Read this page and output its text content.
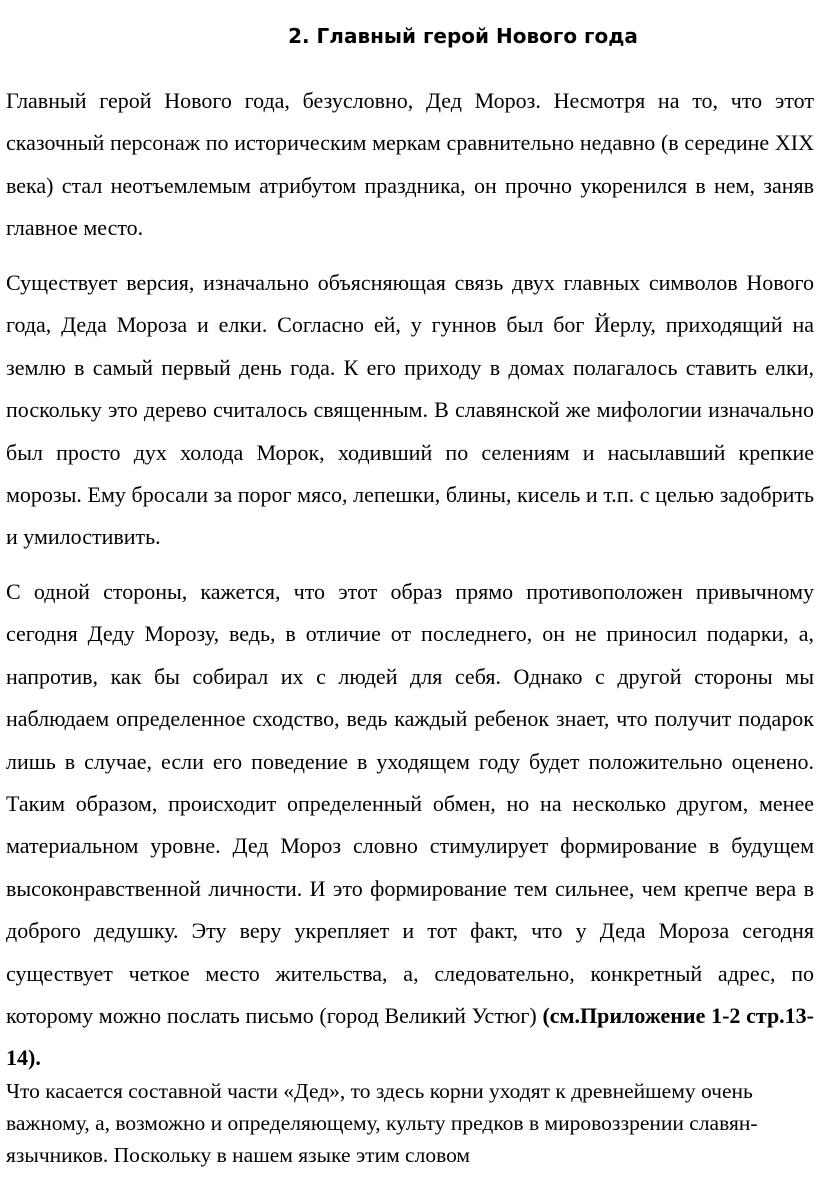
2. Главный герой Нового года

Главный герой Нового года, безусловно, Дед Мороз. Несмотря на то, что этот сказочный персонаж по историческим меркам сравнительно недавно (в середине XIX века) стал неотъемлемым атрибутом праздника, он прочно укоренился в нем, заняв главное место.

Существует версия, изначально объясняющая связь двух главных символов Нового года, Деда Мороза и елки. Согласно ей, у гуннов был бог Йерлу, приходящий на землю в самый первый день года. К его приходу в домах полагалось ставить елки, поскольку это дерево считалось священным. В славянской же мифологии изначально был просто дух холода Морок, ходивший по селениям и насылавший крепкие морозы. Ему бросали за порог мясо, лепешки, блины, кисель и т.п. с целью задобрить и умилостивить.

С одной стороны, кажется, что этот образ прямо противоположен привычному сегодня Деду Морозу, ведь, в отличие от последнего, он не приносил подарки, а, напротив, как бы собирал их с людей для себя. Однако с другой стороны мы наблюдаем определенное сходство, ведь каждый ребенок знает, что получит подарок лишь в случае, если его поведение в уходящем году будет положительно оценено. Таким образом, происходит определенный обмен, но на несколько другом, менее материальном уровне. Дед Мороз словно стимулирует формирование в будущем высоконравственной личности. И это формирование тем сильнее, чем крепче вера в доброго дедушку. Эту веру укрепляет и тот факт, что у Деда Мороза сегодня существует четкое место жительства, а, следовательно, конкретный адрес, по которому можно послать письмо (город Великий Устюг) (см.Приложение 1-2 стр.13-14).

Что касается составной части «Дед», то здесь корни уходят к древнейшему очень важному, а, возможно и определяющему, культу предков в мировоззрении славян-язычников. Поскольку в нашем языке этим словом
